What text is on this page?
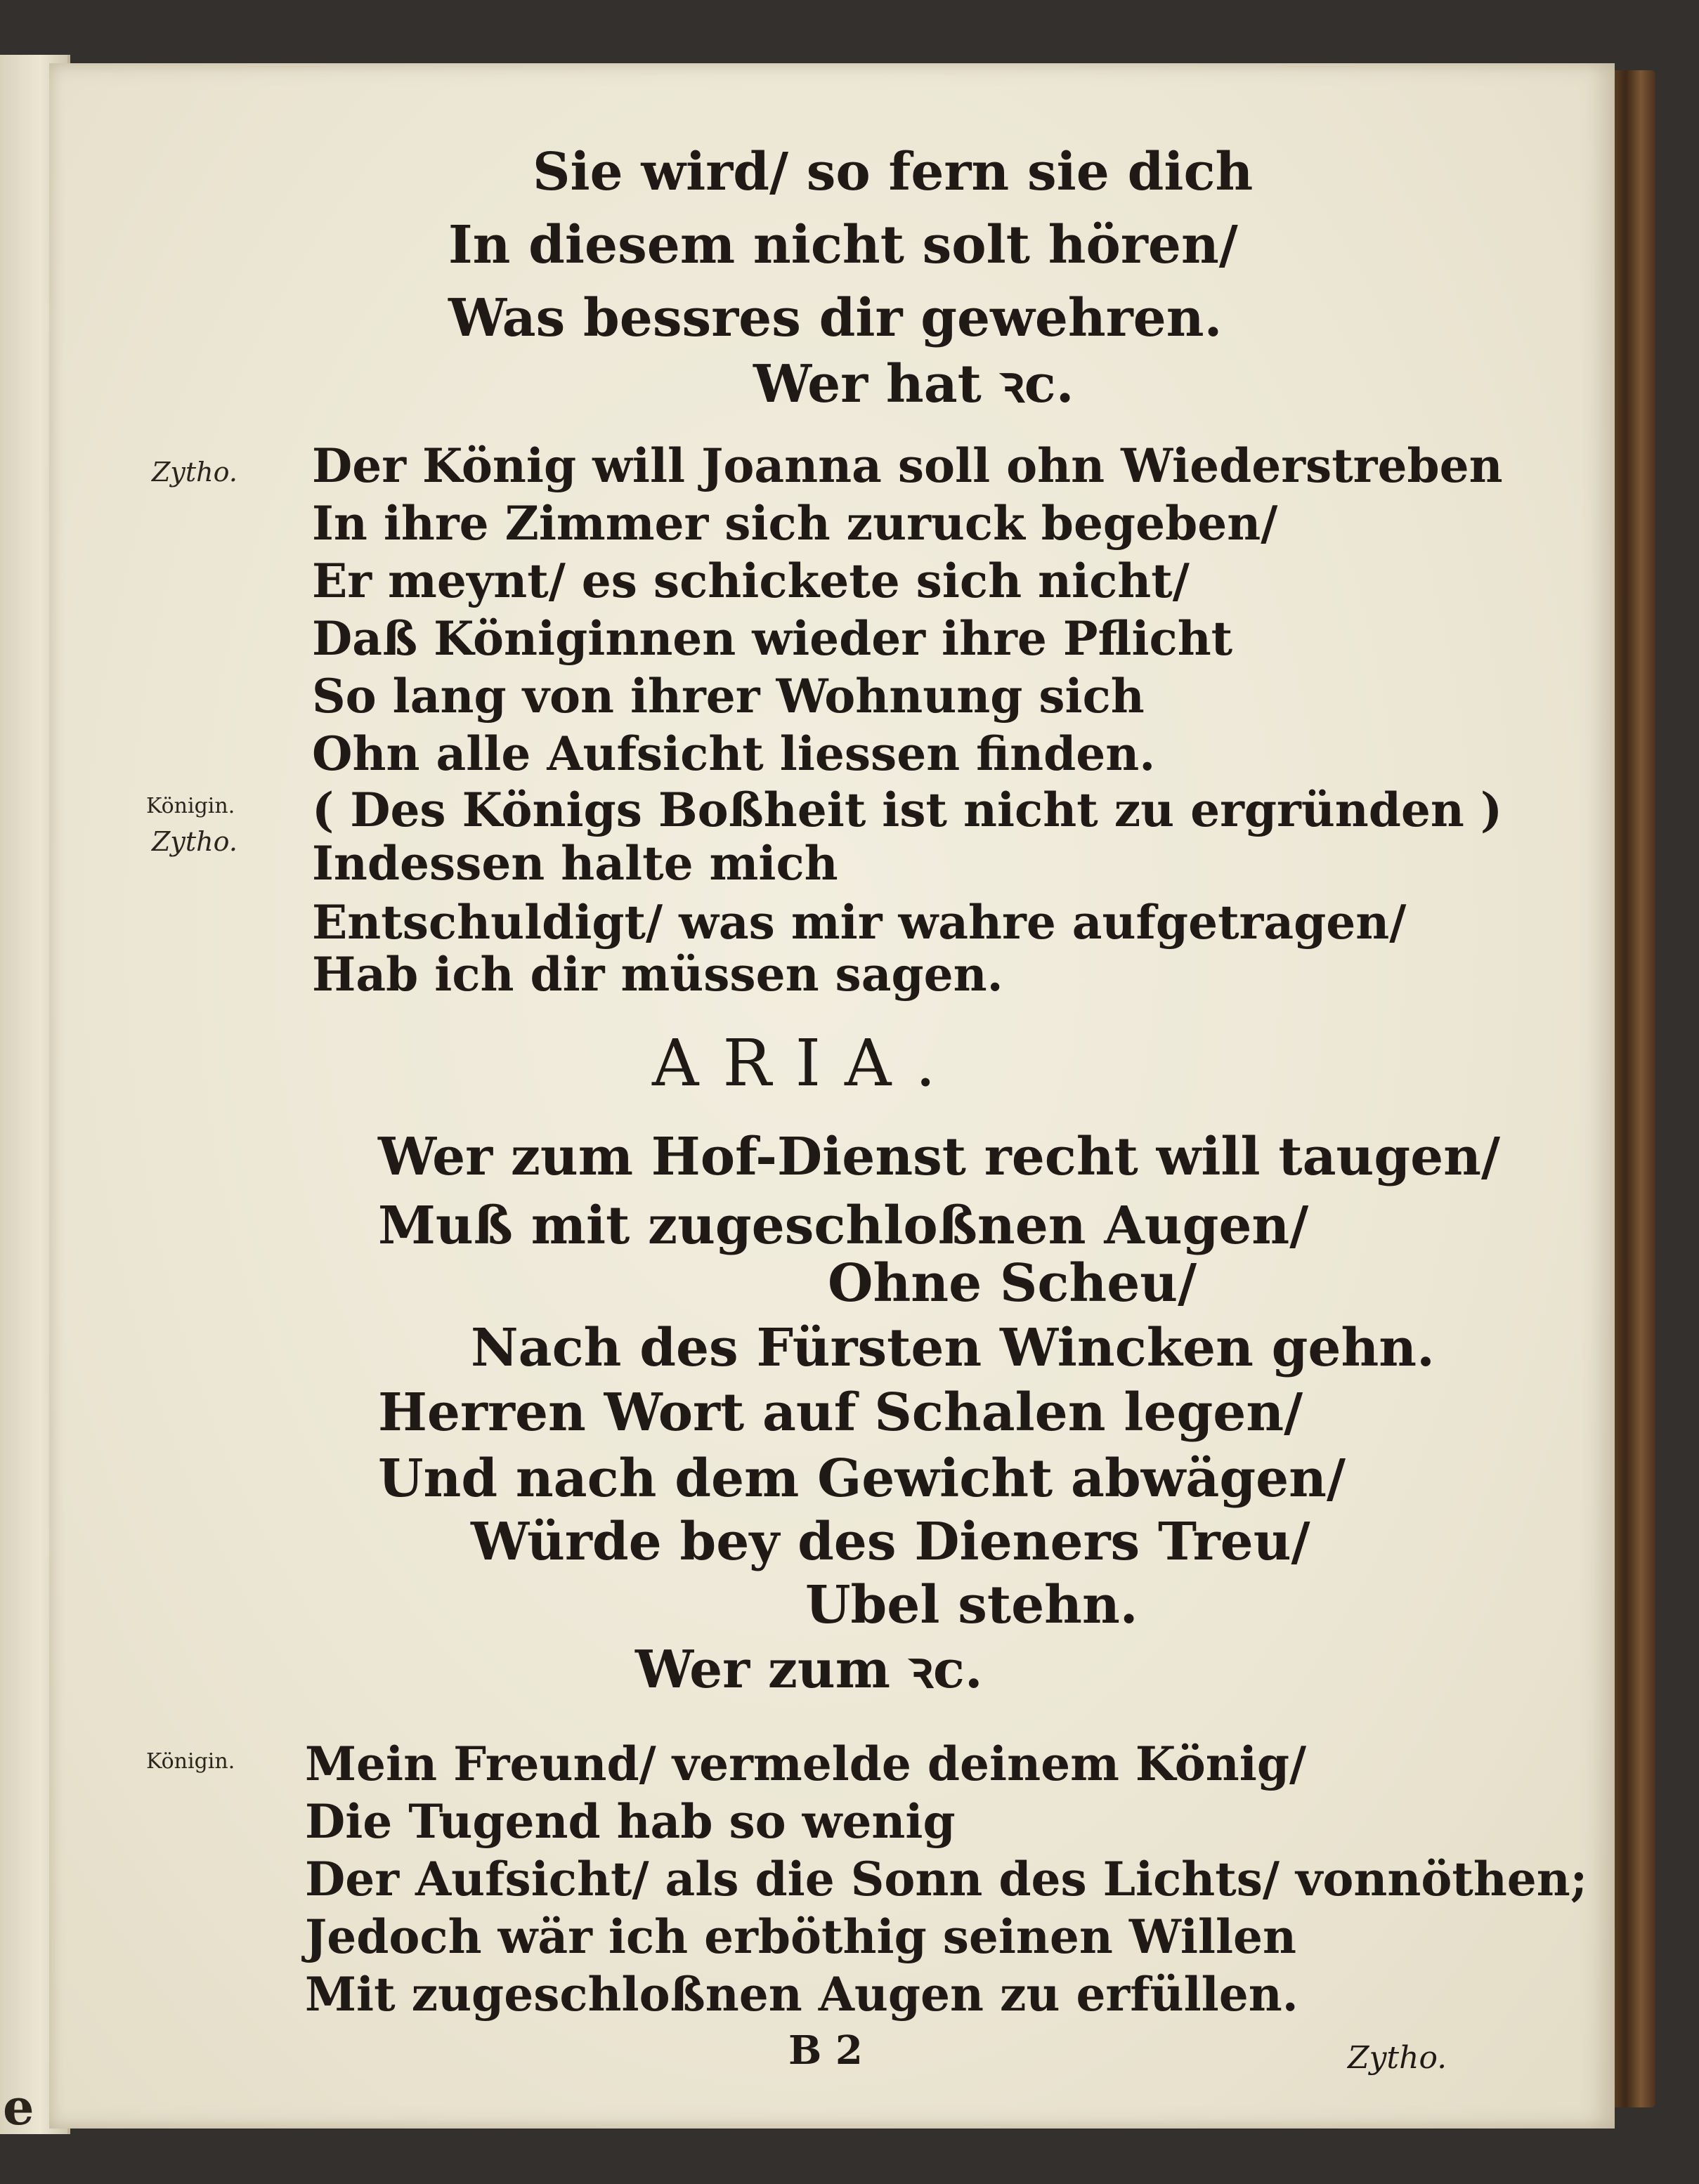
e
Sie wird/ so fern sie dich
In diesem nicht solt hören/
Was bessres dir gewehren.
Wer hat ꝛc.
Zytho. Der König will Joanna soll ohn Wiederstreben
In ihre Zimmer sich zuruck begeben/
Er meynt/ es schickete sich nicht/
Daß Königinnen wieder ihre Pflicht
So lang von ihrer Wohnung sich
Ohn alle Aufsicht liessen finden.
Königin. ( Des Königs Boßheit ist nicht zu ergründen )
Zytho. Indessen halte mich
Entschuldigt/ was mir wahre aufgetragen/
Hab ich dir müssen sagen.
ARIA.
Wer zum Hof-Dienst recht will taugen/
Muß mit zugeschloßnen Augen/
Ohne Scheu/
Nach des Fürsten Wincken gehn.
Herren Wort auf Schalen legen/
Und nach dem Gewicht abwägen/
Würde bey des Dieners Treu/
Ubel stehn.
Wer zum ꝛc.
Königin. Mein Freund/ vermelde deinem König/
Die Tugend hab so wenig
Der Aufsicht/ als die Sonn des Lichts/ vonnöthen;
Jedoch wär ich erböthig seinen Willen
Mit zugeschloßnen Augen zu erfüllen.
B 2	Zytho.
